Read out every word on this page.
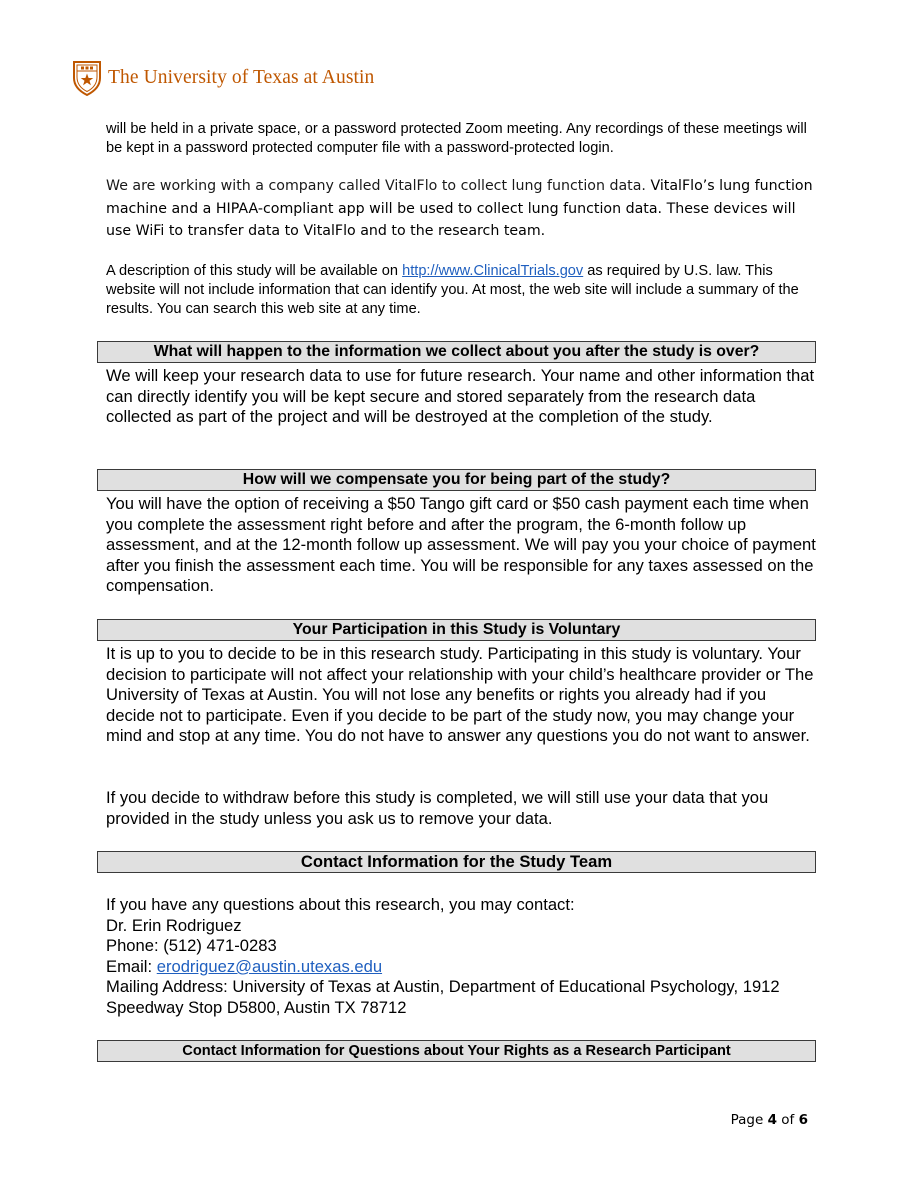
The University of Texas at Austin

will be held in a private space, or a password protected Zoom meeting. Any recordings of these meetings will be kept in a password protected computer file with a password-protected login.

We are working with a company called VitalFlo to collect lung function data. VitalFlo’s lung function machine and a HIPAA-compliant app will be used to collect lung function data. These devices will use WiFi to transfer data to VitalFlo and to the research team.

A description of this study will be available on http://www.ClinicalTrials.gov as required by U.S. law. This website will not include information that can identify you. At most, the web site will include a summary of the results. You can search this web site at any time.

What will happen to the information we collect about you after the study is over?

We will keep your research data to use for future research. Your name and other information that can directly identify you will be kept secure and stored separately from the research data collected as part of the project and will be destroyed at the completion of the study.

How will we compensate you for being part of the study?

You will have the option of receiving a $50 Tango gift card or $50 cash payment each time when you complete the assessment right before and after the program, the 6-month follow up assessment, and at the 12-month follow up assessment. We will pay you your choice of payment after you finish the assessment each time. You will be responsible for any taxes assessed on the compensation.

Your Participation in this Study is Voluntary

It is up to you to decide to be in this research study. Participating in this study is voluntary. Your decision to participate will not affect your relationship with your child’s healthcare provider or The University of Texas at Austin. You will not lose any benefits or rights you already had if you decide not to participate. Even if you decide to be part of the study now, you may change your mind and stop at any time. You do not have to answer any questions you do not want to answer.

If you decide to withdraw before this study is completed, we will still use your data that you provided in the study unless you ask us to remove your data.

Contact Information for the Study Team
If you have any questions about this research, you may contact:
Dr. Erin Rodriguez
Phone: (512) 471-0283
Email: erodriguez@austin.utexas.edu
Mailing Address: University of Texas at Austin, Department of Educational Psychology, 1912 Speedway Stop D5800, Austin TX 78712
Contact Information for Questions about Your Rights as a Research Participant
Page 4 of 6
